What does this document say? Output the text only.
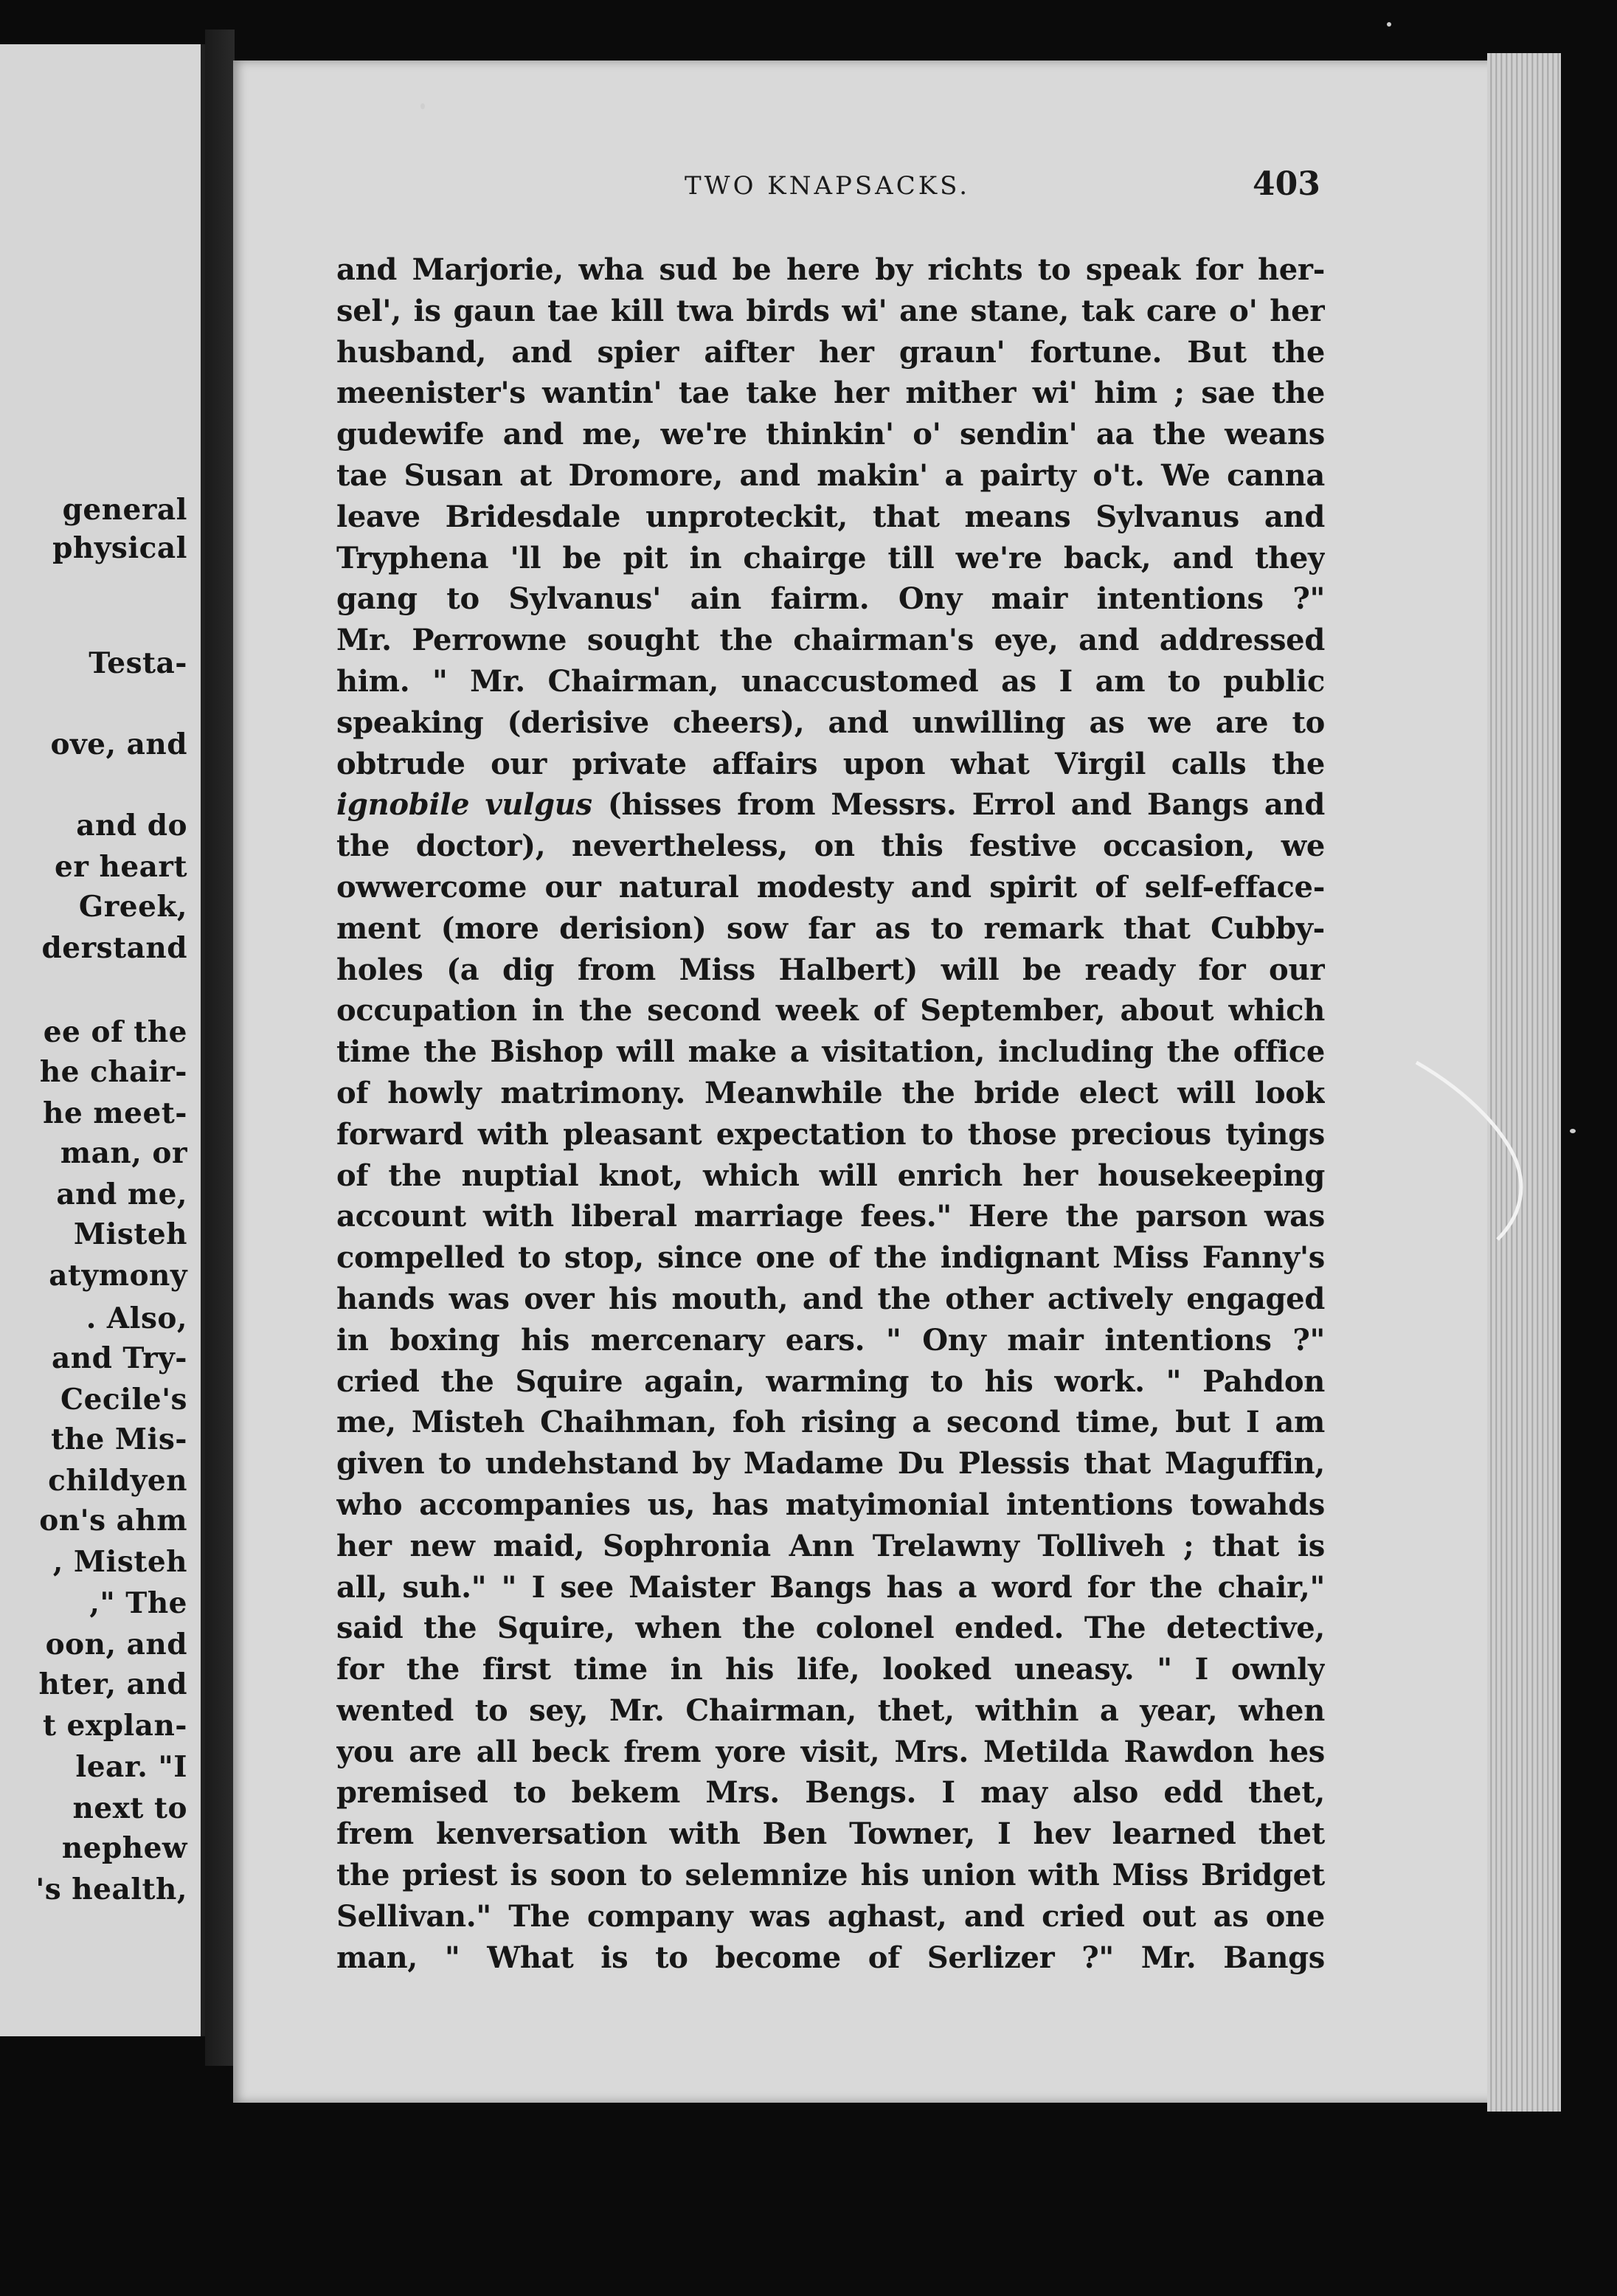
general
physical
Testa-
ove, and
and do
er heart
Greek,
derstand
ee of the
he chair-
he meet-
man, or
and me,
Misteh
atymony
. Also,
and Try-
Cecile's
the Mis-
childyen
on's ahm
, Misteh
," The
oon, and
hter, and
t explan-
lear. "I
next to
nephew
's health,
TWO KNAPSACKS.	403
and Marjorie, wha sud be here by richts to speak for her-
sel', is gaun tae kill twa birds wi' ane stane, tak care o' her
husband, and spier aifter her graun' fortune. But the
meenister's wantin' tae take her mither wi' him ; sae the
gudewife and me, we're thinkin' o' sendin' aa the weans
tae Susan at Dromore, and makin' a pairty o't. We canna
leave Bridesdale unproteckit, that means Sylvanus and
Tryphena 'll be pit in chairge till we're back, and they
gang to Sylvanus' ain fairm. Ony mair intentions ?"
Mr. Perrowne sought the chairman's eye, and addressed
him. " Mr. Chairman, unaccustomed as I am to public
speaking (derisive cheers), and unwilling as we are to
obtrude our private affairs upon what Virgil calls the
ignobile vulgus (hisses from Messrs. Errol and Bangs and
the doctor), nevertheless, on this festive occasion, we
owwercome our natural modesty and spirit of self-efface-
ment (more derision) sow far as to remark that Cubby-
holes (a dig from Miss Halbert) will be ready for our
occupation in the second week of September, about which
time the Bishop will make a visitation, including the office
of howly matrimony. Meanwhile the bride elect will look
forward with pleasant expectation to those precious tyings
of the nuptial knot, which will enrich her housekeeping
account with liberal marriage fees." Here the parson was
compelled to stop, since one of the indignant Miss Fanny's
hands was over his mouth, and the other actively engaged
in boxing his mercenary ears. " Ony mair intentions ?"
cried the Squire again, warming to his work. " Pahdon
me, Misteh Chaihman, foh rising a second time, but I am
given to undehstand by Madame Du Plessis that Maguffin,
who accompanies us, has matyimonial intentions towahds
her new maid, Sophronia Ann Trelawny Tolliveh ; that is
all, suh." " I see Maister Bangs has a word for the chair,"
said the Squire, when the colonel ended. The detective,
for the first time in his life, looked uneasy. " I ownly
wented to sey, Mr. Chairman, thet, within a year, when
you are all beck frem yore visit, Mrs. Metilda Rawdon hes
premised to bekem Mrs. Bengs. I may also edd thet,
frem kenversation with Ben Towner, I hev learned thet
the priest is soon to selemnize his union with Miss Bridget
Sellivan." The company was aghast, and cried out as one
man, " What is to become of Serlizer ?" Mr. Bangs
